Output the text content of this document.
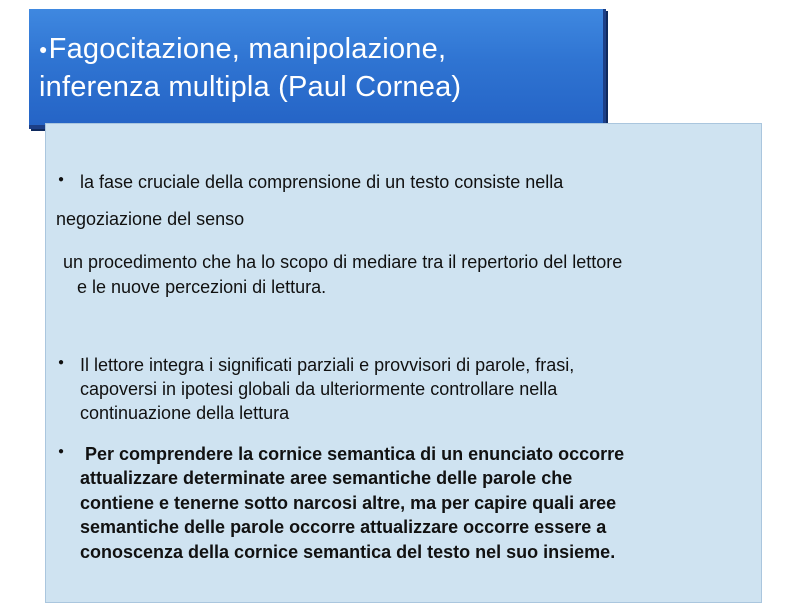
●Fagocitazione, manipolazione,
inferenza multipla (Paul Cornea)
● la fase cruciale della comprensione di un testo consiste nella
negoziazione del senso
un procedimento che ha lo scopo di mediare tra il repertorio del lettore
e le nuove percezioni di lettura.
● Il lettore integra i significati parziali e provvisori di parole, frasi,
capoversi in ipotesi globali da ulteriormente controllare nella
continuazione della lettura
● Per comprendere la cornice semantica di un enunciato occorre
attualizzare determinate aree semantiche delle parole che
contiene e tenerne sotto narcosi altre, ma per capire quali aree
semantiche delle parole occorre attualizzare occorre essere a
conoscenza della cornice semantica del testo nel suo insieme.
